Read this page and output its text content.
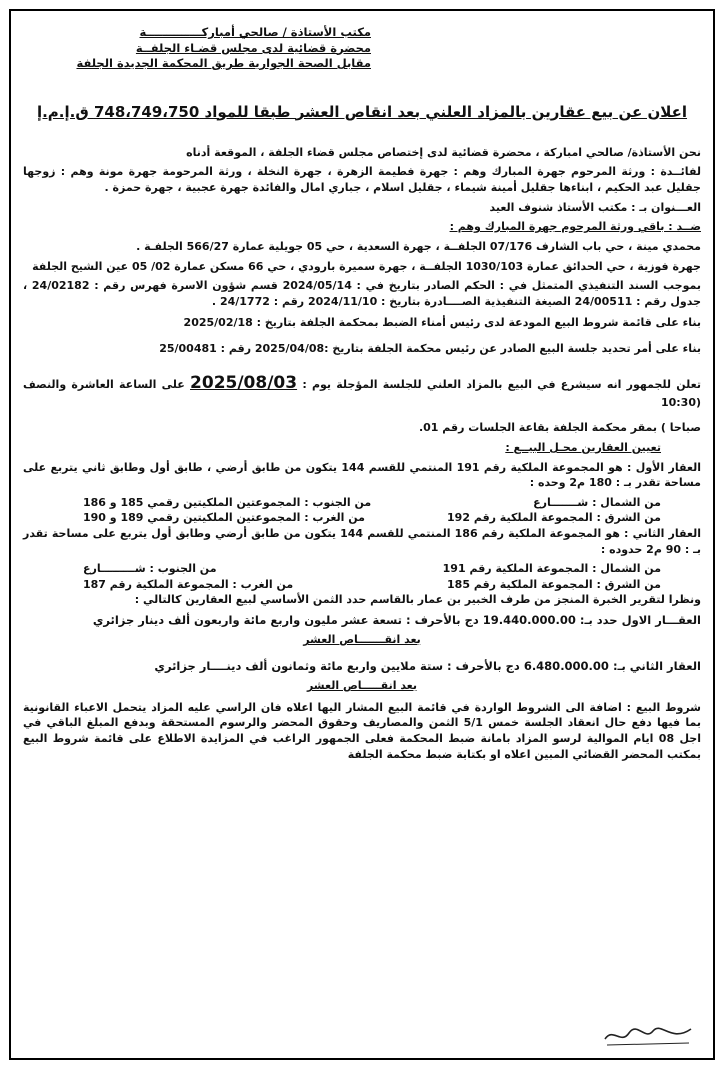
مكتب الأستاذة / صالحي أمباركــــــــــــــة
محضرة قضائية لدى مجلس قضـاء الجلفــة
مقابل الصحة الجوارية طريق المحكمة الجديدة الجلفة
اعلان عن بيع عقارين بالمزاد العلني بعد انقاص العشر طبقا للمواد 748،749،750 ق.إ.م.إ

نحن الأستاذة/ صالحي امباركة ، محضرة قضائية لدى إختصاص مجلس قضاء الجلفة ، الموقعة أدناه

لفائــدة : ورثة المرحوم جهرة المبارك وهم : جهرة فطيمة الزهرة ، جهرة النخلة ، ورثة المرحومة جهرة مونة وهم : زوجها جقليل عبد الحكيم ، ابناءها جقليل أمينة شيماء ، جقليل اسلام ، جباري امال والفائدة جهرة عجبية ، جهرة حمزة .

العـــنوان بـ : مكتب الأستاذ شنوف العيد

ضــد : باقي ورثة المرحوم جهرة المبارك وهم :

محمدي مينة ، حي باب الشارف 07/176 الجلفــة ، جهرة السعدية ، حي 05 جويلية عمارة 566/27 الجلفـة .

جهرة فوزية ، حي الحدائق عمارة 1030/103 الجلفــة ، جهرة سميرة بارودي ، حي 66 مسكن عمارة 02/ 05 عين الشيح الجلفة

بموجب السند التنفيذي المتمثل في : الحكم الصادر بتاريخ في : 2024/05/14 قسم شؤون الاسرة فهرس رقم : 24/02182 ، جدول رقم : 24/00511 الصيغة التنفيذية الصــــادرة بتاريخ : 2024/11/10 رقم : 24/1772 .

بناء على قائمة شروط البيع المودعة لدى رئيس أمناء الضبط بمحكمة الجلفة بتاريخ : 2025/02/18

بناء على أمر تحديد جلسة البيع الصادر عن رئيس محكمة الجلفة بتاريخ :2025/04/08 رقم : 25/00481

تعلن للجمهور انه سيشرع في البيع بالمزاد العلني للجلسة المؤجلة يوم : 2025/08/03 على الساعة العاشرة والنصف (10:30

صباحا ) بمقر محكمة الجلفة بقاعة الجلسات رقم 01.

تعيين العقارين محـل البيــع :

العقار الأول : هو المجموعة الملكية رقم 191 المنتمي للقسم 144 يتكون من طابق أرضي ، طابق أول وطابق ثاني يتربع على مساحة تقدر بـ : 180 م2 وحده :

من الشمال : شـــــــارع
من الجنوب : المجموعتين الملكيتين رقمي 185 و 186
من الشرق : المجموعة الملكية رقم 192
من الغرب : المجموعتين الملكيتين رقمي 189 و 190

العقار الثاني : هو المجموعة الملكية رقم 186 المنتمي للقسم 144 يتكون من طابق أرضي وطابق أول يتربع على مساحة تقدر بـ : 90 م2 حدوده :

من الشمال : المجموعة الملكية رقم 191
من الجنوب : شـــــــــارع
من الشرق : المجموعة الملكية رقم 185
من الغرب : المجموعة الملكية رقم 187

ونظرا لتقرير الخبرة المنجز من طرف الخبير بن عمار بالقاسم حدد الثمن الأساسي لبيع العقارين كالتالي :

العقـــار الاول حدد بـ: 19.440.000.00 دج بالأحرف : تسعة عشر مليون واربع مائة واربعون ألف دينار جزائري

بعد انقـــــــاص العشر

العقار الثاني بـ: 6.480.000.00 دج بالأحرف : ستة ملايين واربع مائة وثمانون ألف دينــــار جزائري

بعد انقـــــاص العشر

شروط البيع : اضافة الى الشروط الواردة في قائمة البيع المشار اليها اعلاه فان الراسي عليه المزاد يتحمل الاعباء القانونية بما فيها دفع حال انعقاد الجلسة خمس 5/1 الثمن والمصاريف وحقوق المحضر والرسوم المستحقة وبدفع المبلغ الباقي في اجل 08 ايام الموالية لرسو المزاد بامانة ضبط المحكمة فعلى الجمهور الراغب في المزايدة الاطلاع على قائمة شروط البيع بمكتب المحضر القضائي المبين اعلاه او بكتابة ضبط محكمة الجلفة
